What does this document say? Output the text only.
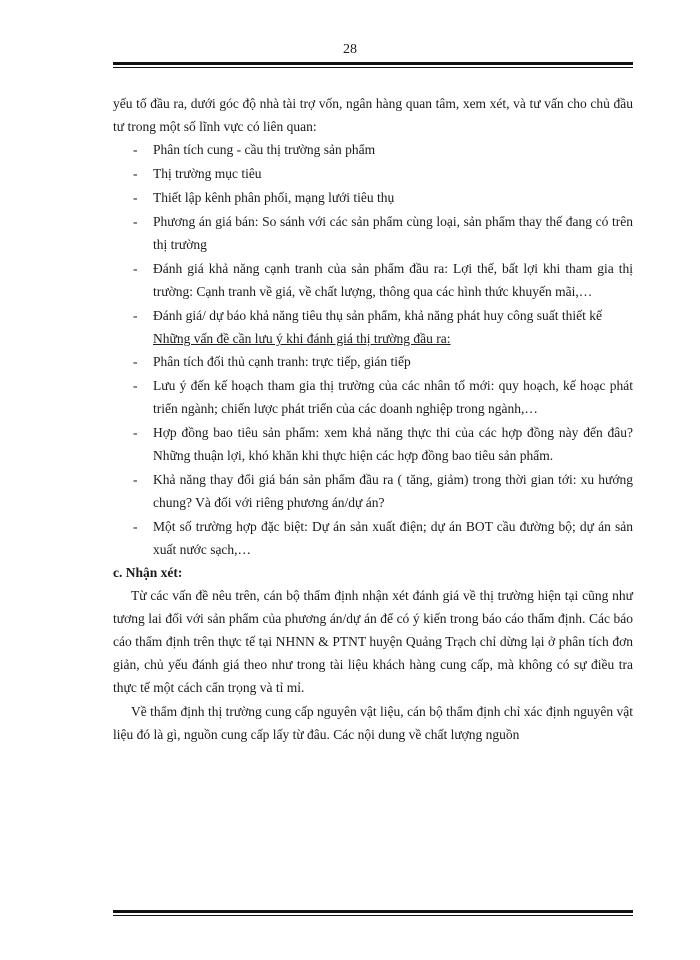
28

yếu tố đầu ra, dưới góc độ nhà tài trợ vốn, ngân hàng quan tâm, xem xét, và tư vấn cho chủ đầu tư trong một số lĩnh vực có liên quan:

- Phân tích cung - cầu thị trường sản phẩm
- Thị trường mục tiêu
- Thiết lập kênh phân phối, mạng lưới tiêu thụ
- Phương án giá bán: So sánh với các sản phẩm cùng loại, sản phẩm thay thế đang có trên thị trường
- Đánh giá khả năng cạnh tranh của sản phẩm đầu ra: Lợi thế, bất lợi khi tham gia thị trường: Cạnh tranh về giá, về chất lượng, thông qua các hình thức khuyến mãi,…
- Đánh giá/ dự báo khả năng tiêu thụ sản phẩm, khả năng phát huy công suất thiết kế

Những vấn đề cần lưu ý khi đánh giá thị trường đầu ra:

- Phân tích đối thủ cạnh tranh: trực tiếp, gián tiếp
- Lưu ý đến kế hoạch tham gia thị trường của các nhân tố mới: quy hoạch, kế hoạc phát triển ngành; chiến lược phát triển của các doanh nghiệp trong ngành,…
- Hợp đồng bao tiêu sản phẩm: xem khả năng thực thi của các hợp đồng này đến đâu? Những thuận lợi, khó khăn khi thực hiện các hợp đồng bao tiêu sản phẩm.
- Khả năng thay đổi giá bán sản phẩm đầu ra ( tăng, giảm) trong thời gian tới: xu hướng chung? Và đối với riêng phương án/dự án?
- Một số trường hợp đặc biệt: Dự án sản xuất điện; dự án BOT cầu đường bộ; dự án sản xuất nước sạch,…

c. Nhận xét:

Từ các vấn đề nêu trên, cán bộ thẩm định nhận xét đánh giá về thị trường hiện tại cũng như tương lai đối với sản phẩm của phương án/dự án để có ý kiến trong báo cáo thẩm định. Các báo cáo thẩm định trên thực tế tại NHNN & PTNT huyện Quảng Trạch chỉ dừng lại ở phân tích đơn giản, chủ yếu đánh giá theo như trong tài liệu khách hàng cung cấp, mà không có sự điều tra thực tế một cách cẩn trọng và tỉ mỉ.

Về thẩm định thị trường cung cấp nguyên vật liệu, cán bộ thẩm định chỉ xác định nguyên vật liệu đó là gì, nguồn cung cấp lấy từ đâu. Các nội dung về chất lượng nguồn
